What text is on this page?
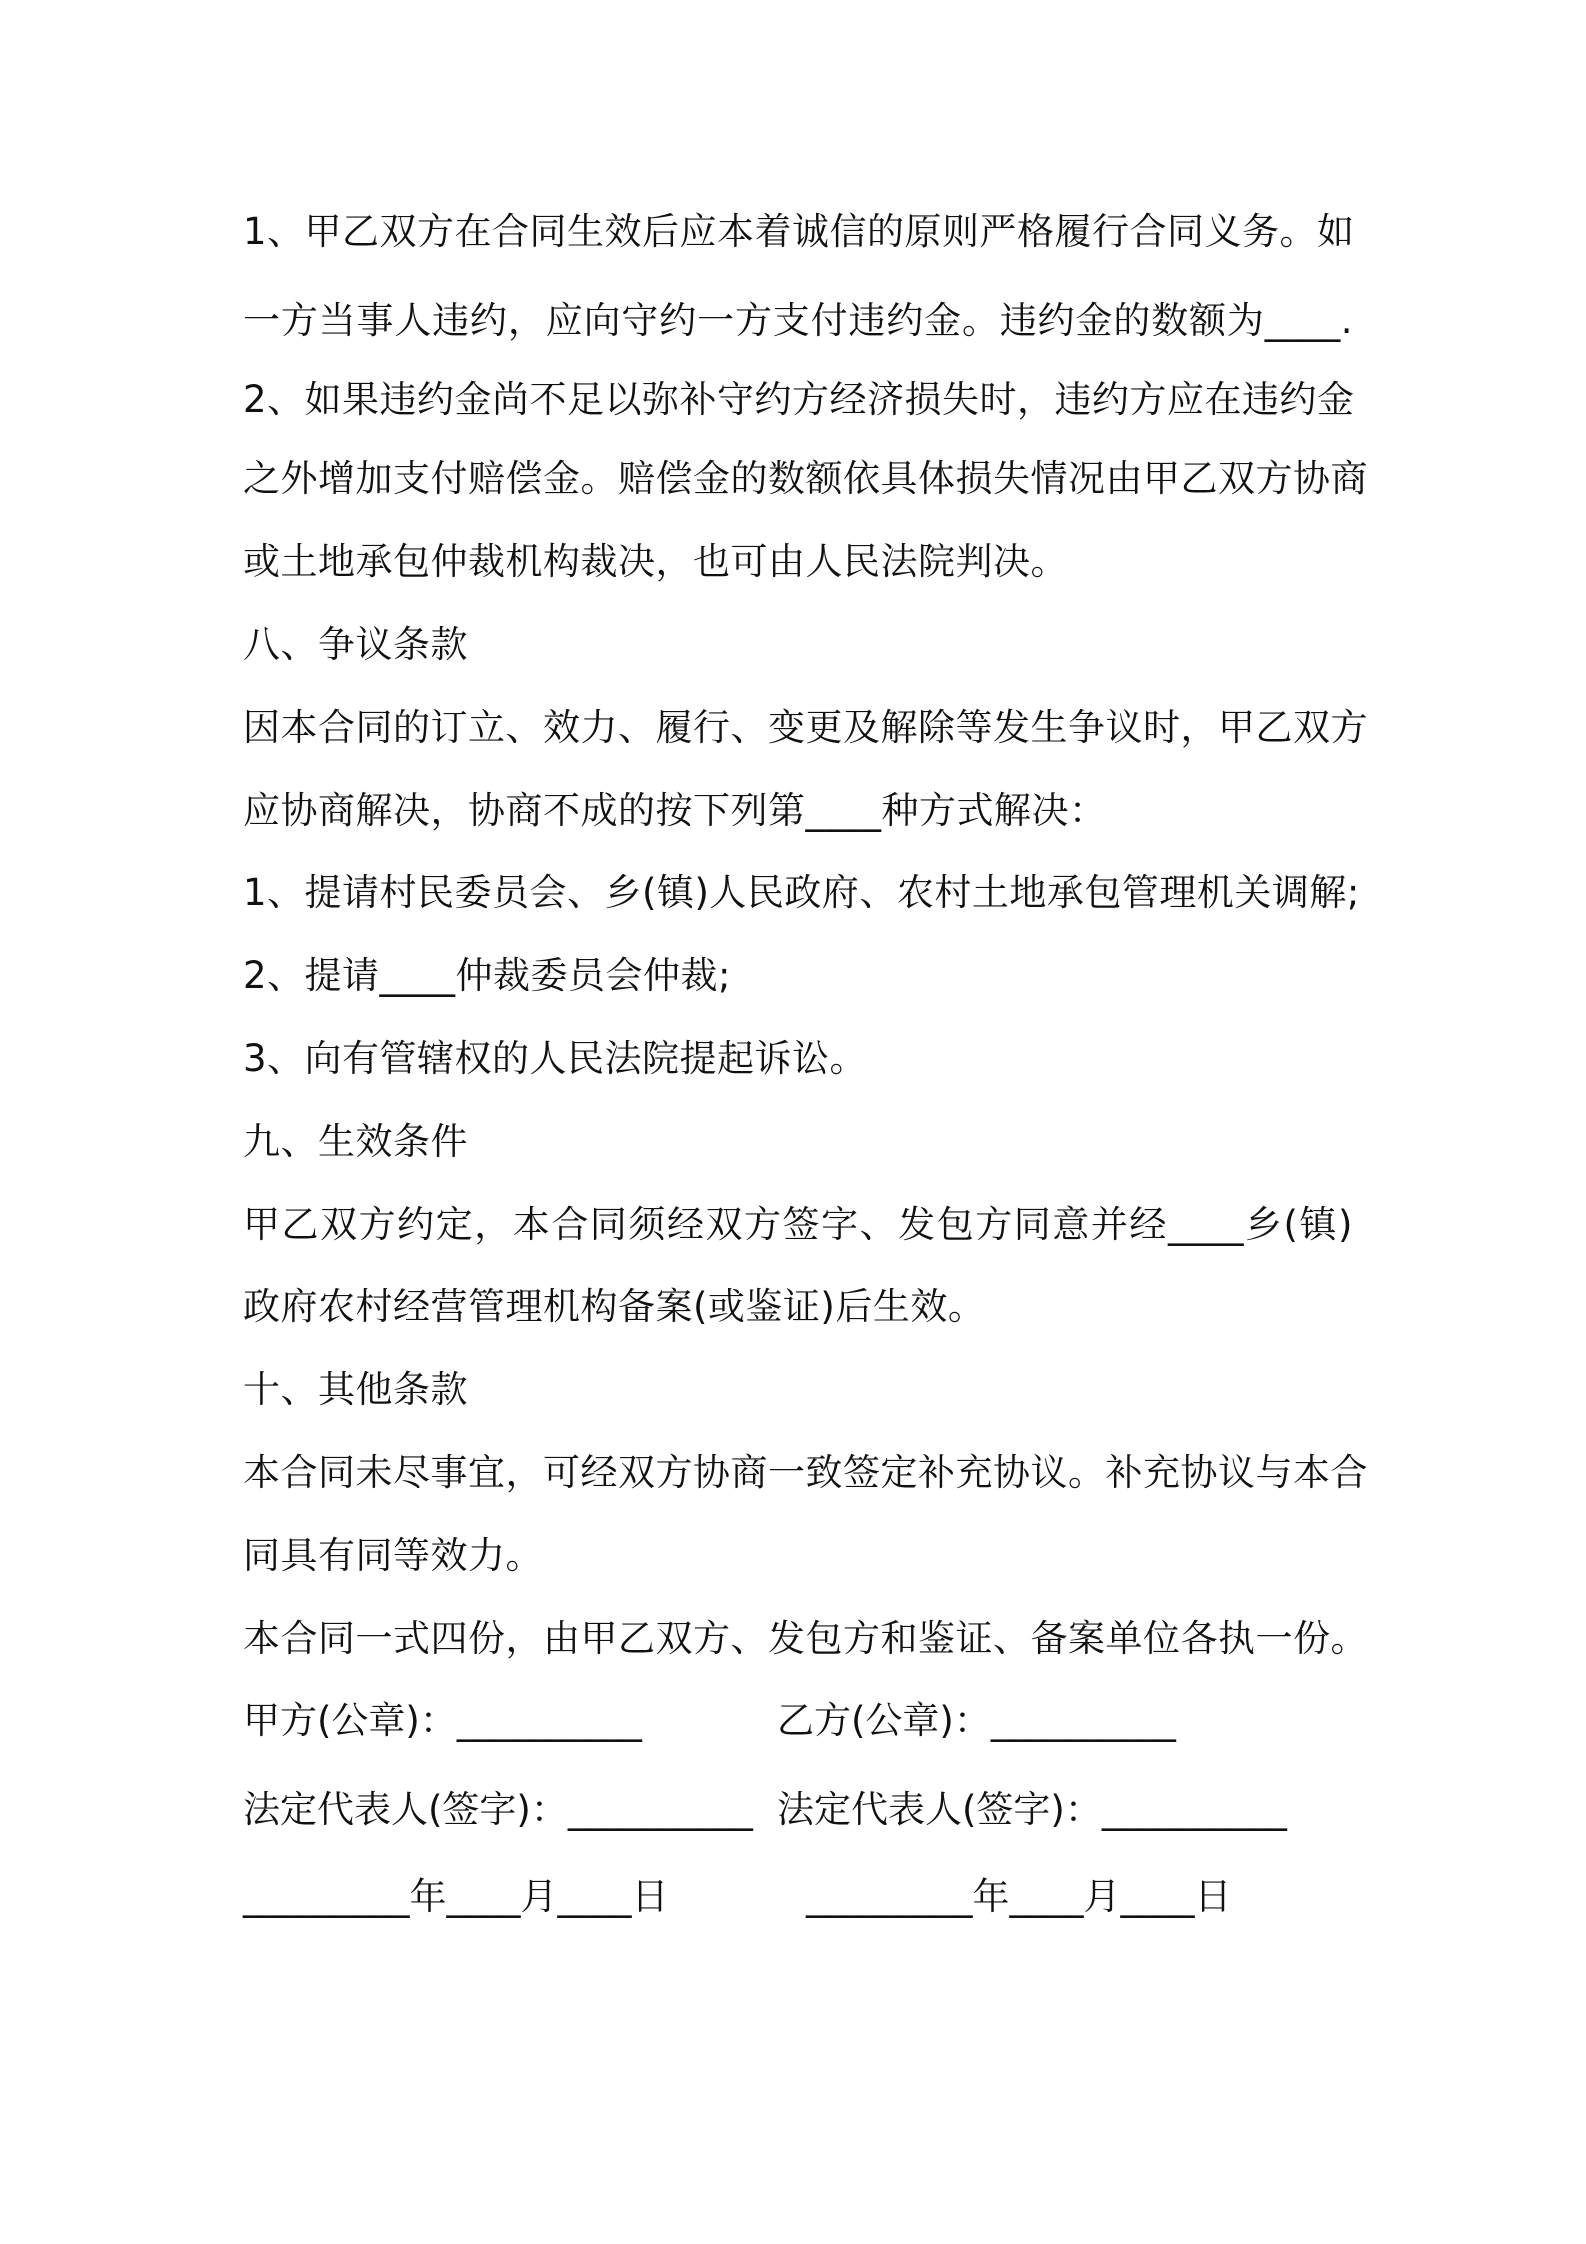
1、甲乙双方在合同生效后应本着诚信的原则严格履行合同义务。如

一方当事人违约，应向守约一方支付违约金。违约金的数额为____.

2、如果违约金尚不足以弥补守约方经济损失时，违约方应在违约金

之外增加支付赔偿金。赔偿金的数额依具体损失情况由甲乙双方协商

或土地承包仲裁机构裁决，也可由人民法院判决。

八、争议条款

因本合同的订立、效力、履行、变更及解除等发生争议时，甲乙双方

应协商解决，协商不成的按下列第____种方式解决：

1、提请村民委员会、乡(镇)人民政府、农村土地承包管理机关调解;

2、提请____仲裁委员会仲裁;

3、向有管辖权的人民法院提起诉讼。

九、生效条件

甲乙双方约定，本合同须经双方签字、发包方同意并经____乡(镇)

政府农村经营管理机构备案(或鉴证)后生效。

十、其他条款

本合同未尽事宜，可经双方协商一致签定补充协议。补充协议与本合

同具有同等效力。

本合同一式四份，由甲乙双方、发包方和鉴证、备案单位各执一份。

甲方(公章)：__________	乙方(公章)：__________

法定代表人(签字)：__________ 法定代表人(签字)：__________

_________年____月____日	_________年____月____日
